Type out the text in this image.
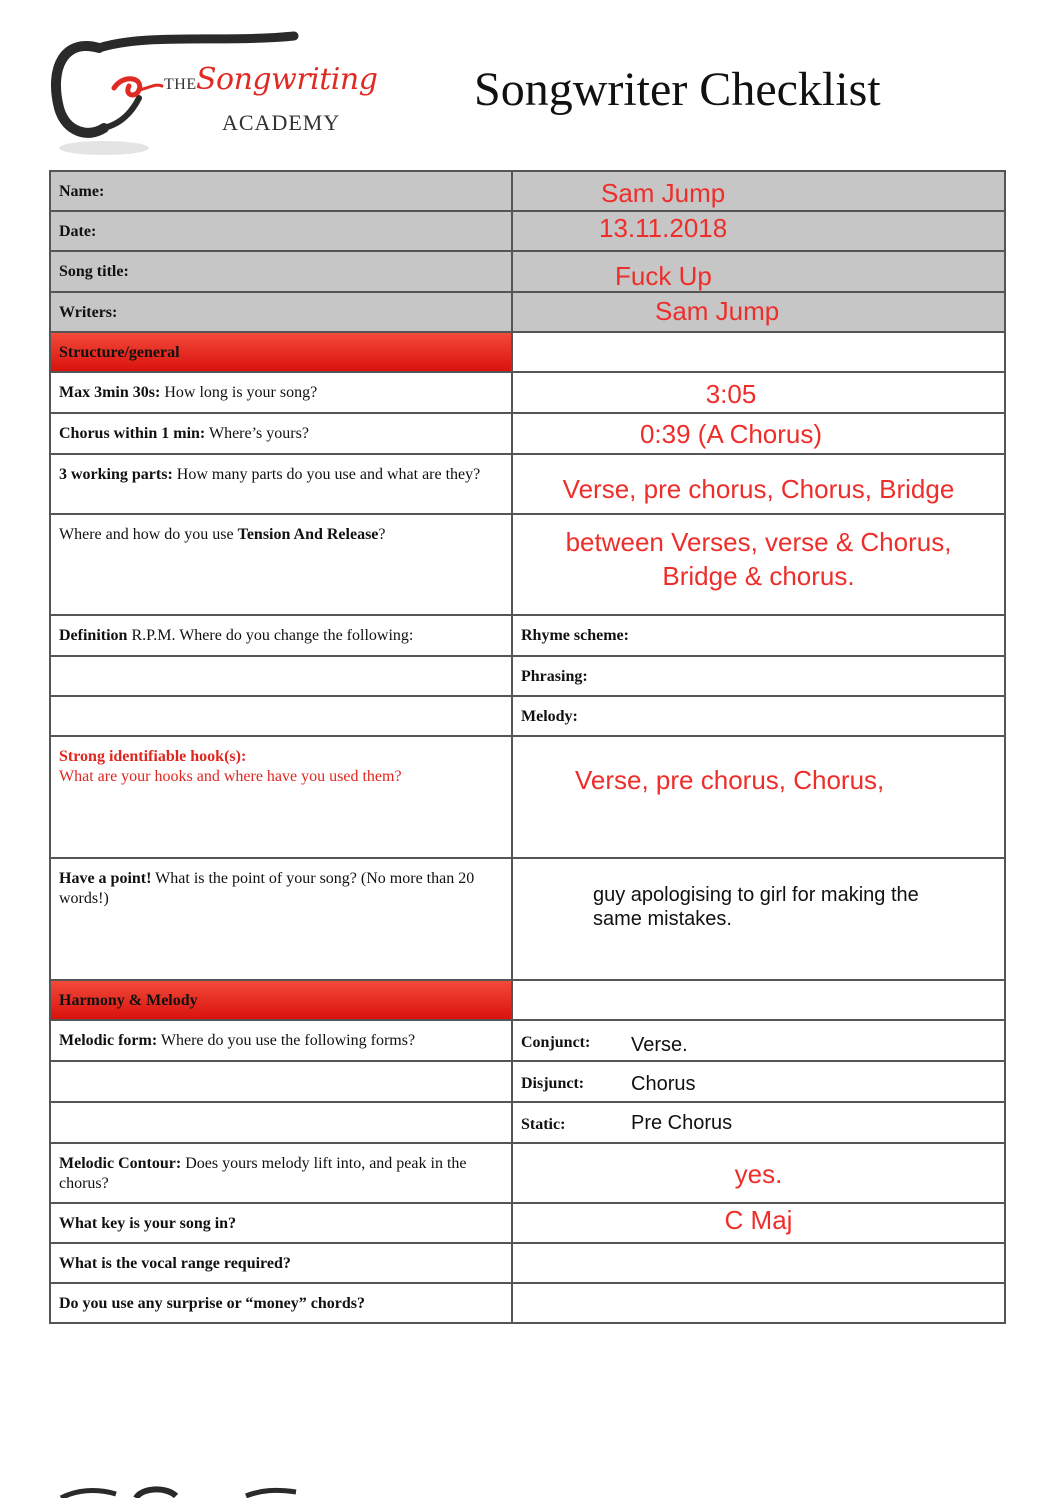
THE Songwriting
ACADEMY
Songwriter Checklist
Name:	Sam Jump

Date:	13.11.2018

Song title:	Fuck Up

Writers:	Sam Jump

Structure/general	
Max 3min 30s: How long is your song?	3:05

Chorus within 1 min: Where’s yours?	0:39 (A Chorus)

3 working parts: How many parts do you use and what are they?	Verse, pre chorus, Chorus, Bridge

Where and how do you use Tension And Release?	between Verses, verse & Chorus, Bridge & chorus.

Definition R.P.M. Where do you change the following:	Rhyme scheme:
	Phrasing:
	Melody:
Strong identifiable hook(s):
What are your hooks and where have you used them?	Verse, pre chorus, Chorus,

Have a point! What is the point of your song? (No more than 20 words!)	guy apologising to girl for making the same mistakes.

Harmony & Melody	
Melodic form: Where do you use the following forms?	Conjunct: Verse.
	Disjunct: Chorus
	Static: Pre Chorus
Melodic Contour: Does yours melody lift into, and peak in the chorus?	yes.

What key is your song in?	C Maj

What is the vocal range required?	
Do you use any surprise or “money” chords?	
